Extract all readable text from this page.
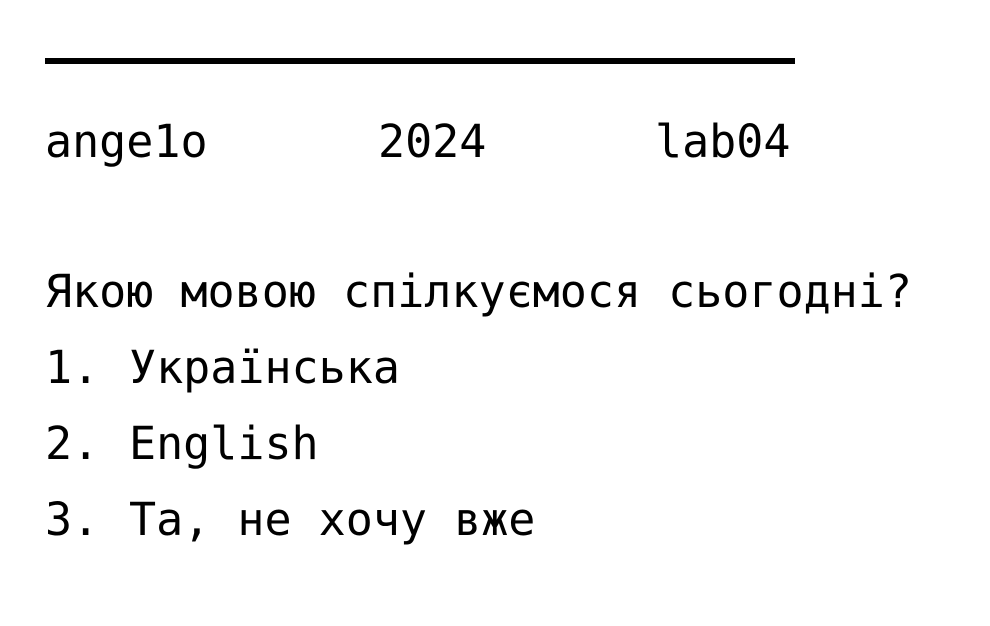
ange1o

	2024

	lab04

Якою мовою спілкуємося сьогодні?
1. Українська
2. English
3. Та, не хочу вже
